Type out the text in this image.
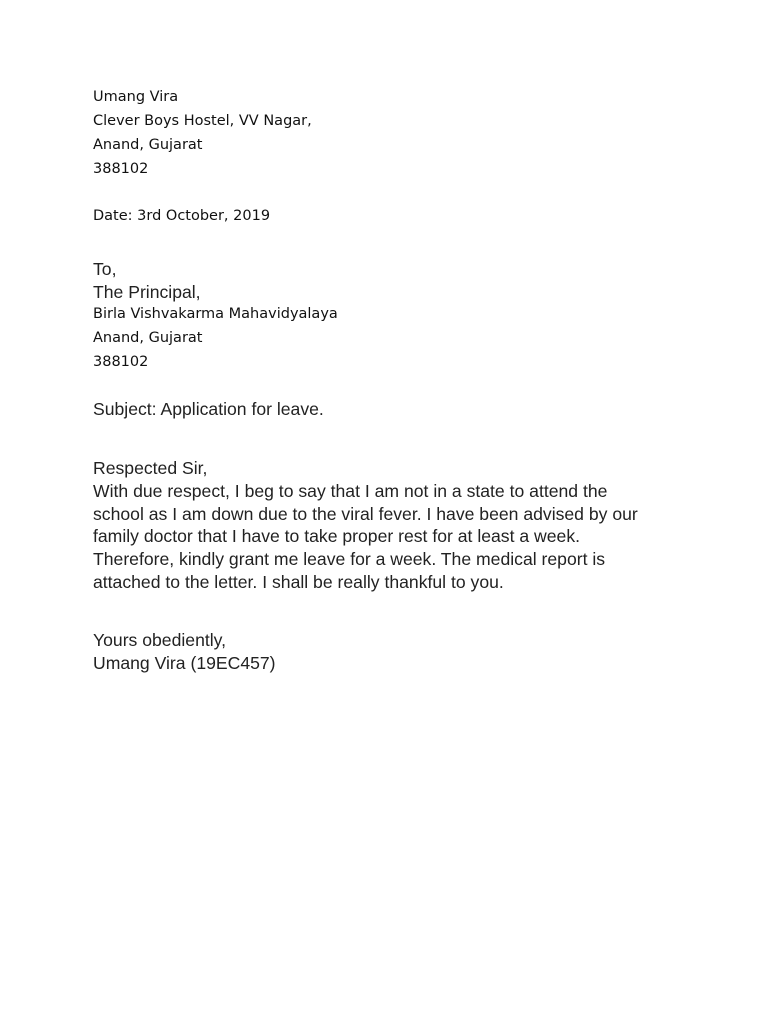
Umang Vira
Clever Boys Hostel, VV Nagar,
Anand, Gujarat
388102
Date: 3rd October, 2019
To,
The Principal,
Birla Vishvakarma Mahavidyalaya
Anand, Gujarat
388102
Subject: Application for leave.
Respected Sir,
With due respect, I beg to say that I am not in a state to attend the
school as I am down due to the viral fever. I have been advised by our
family doctor that I have to take proper rest for at least a week.
Therefore, kindly grant me leave for a week. The medical report is
attached to the letter. I shall be really thankful to you.
Yours obediently,
Umang Vira (19EC457)
